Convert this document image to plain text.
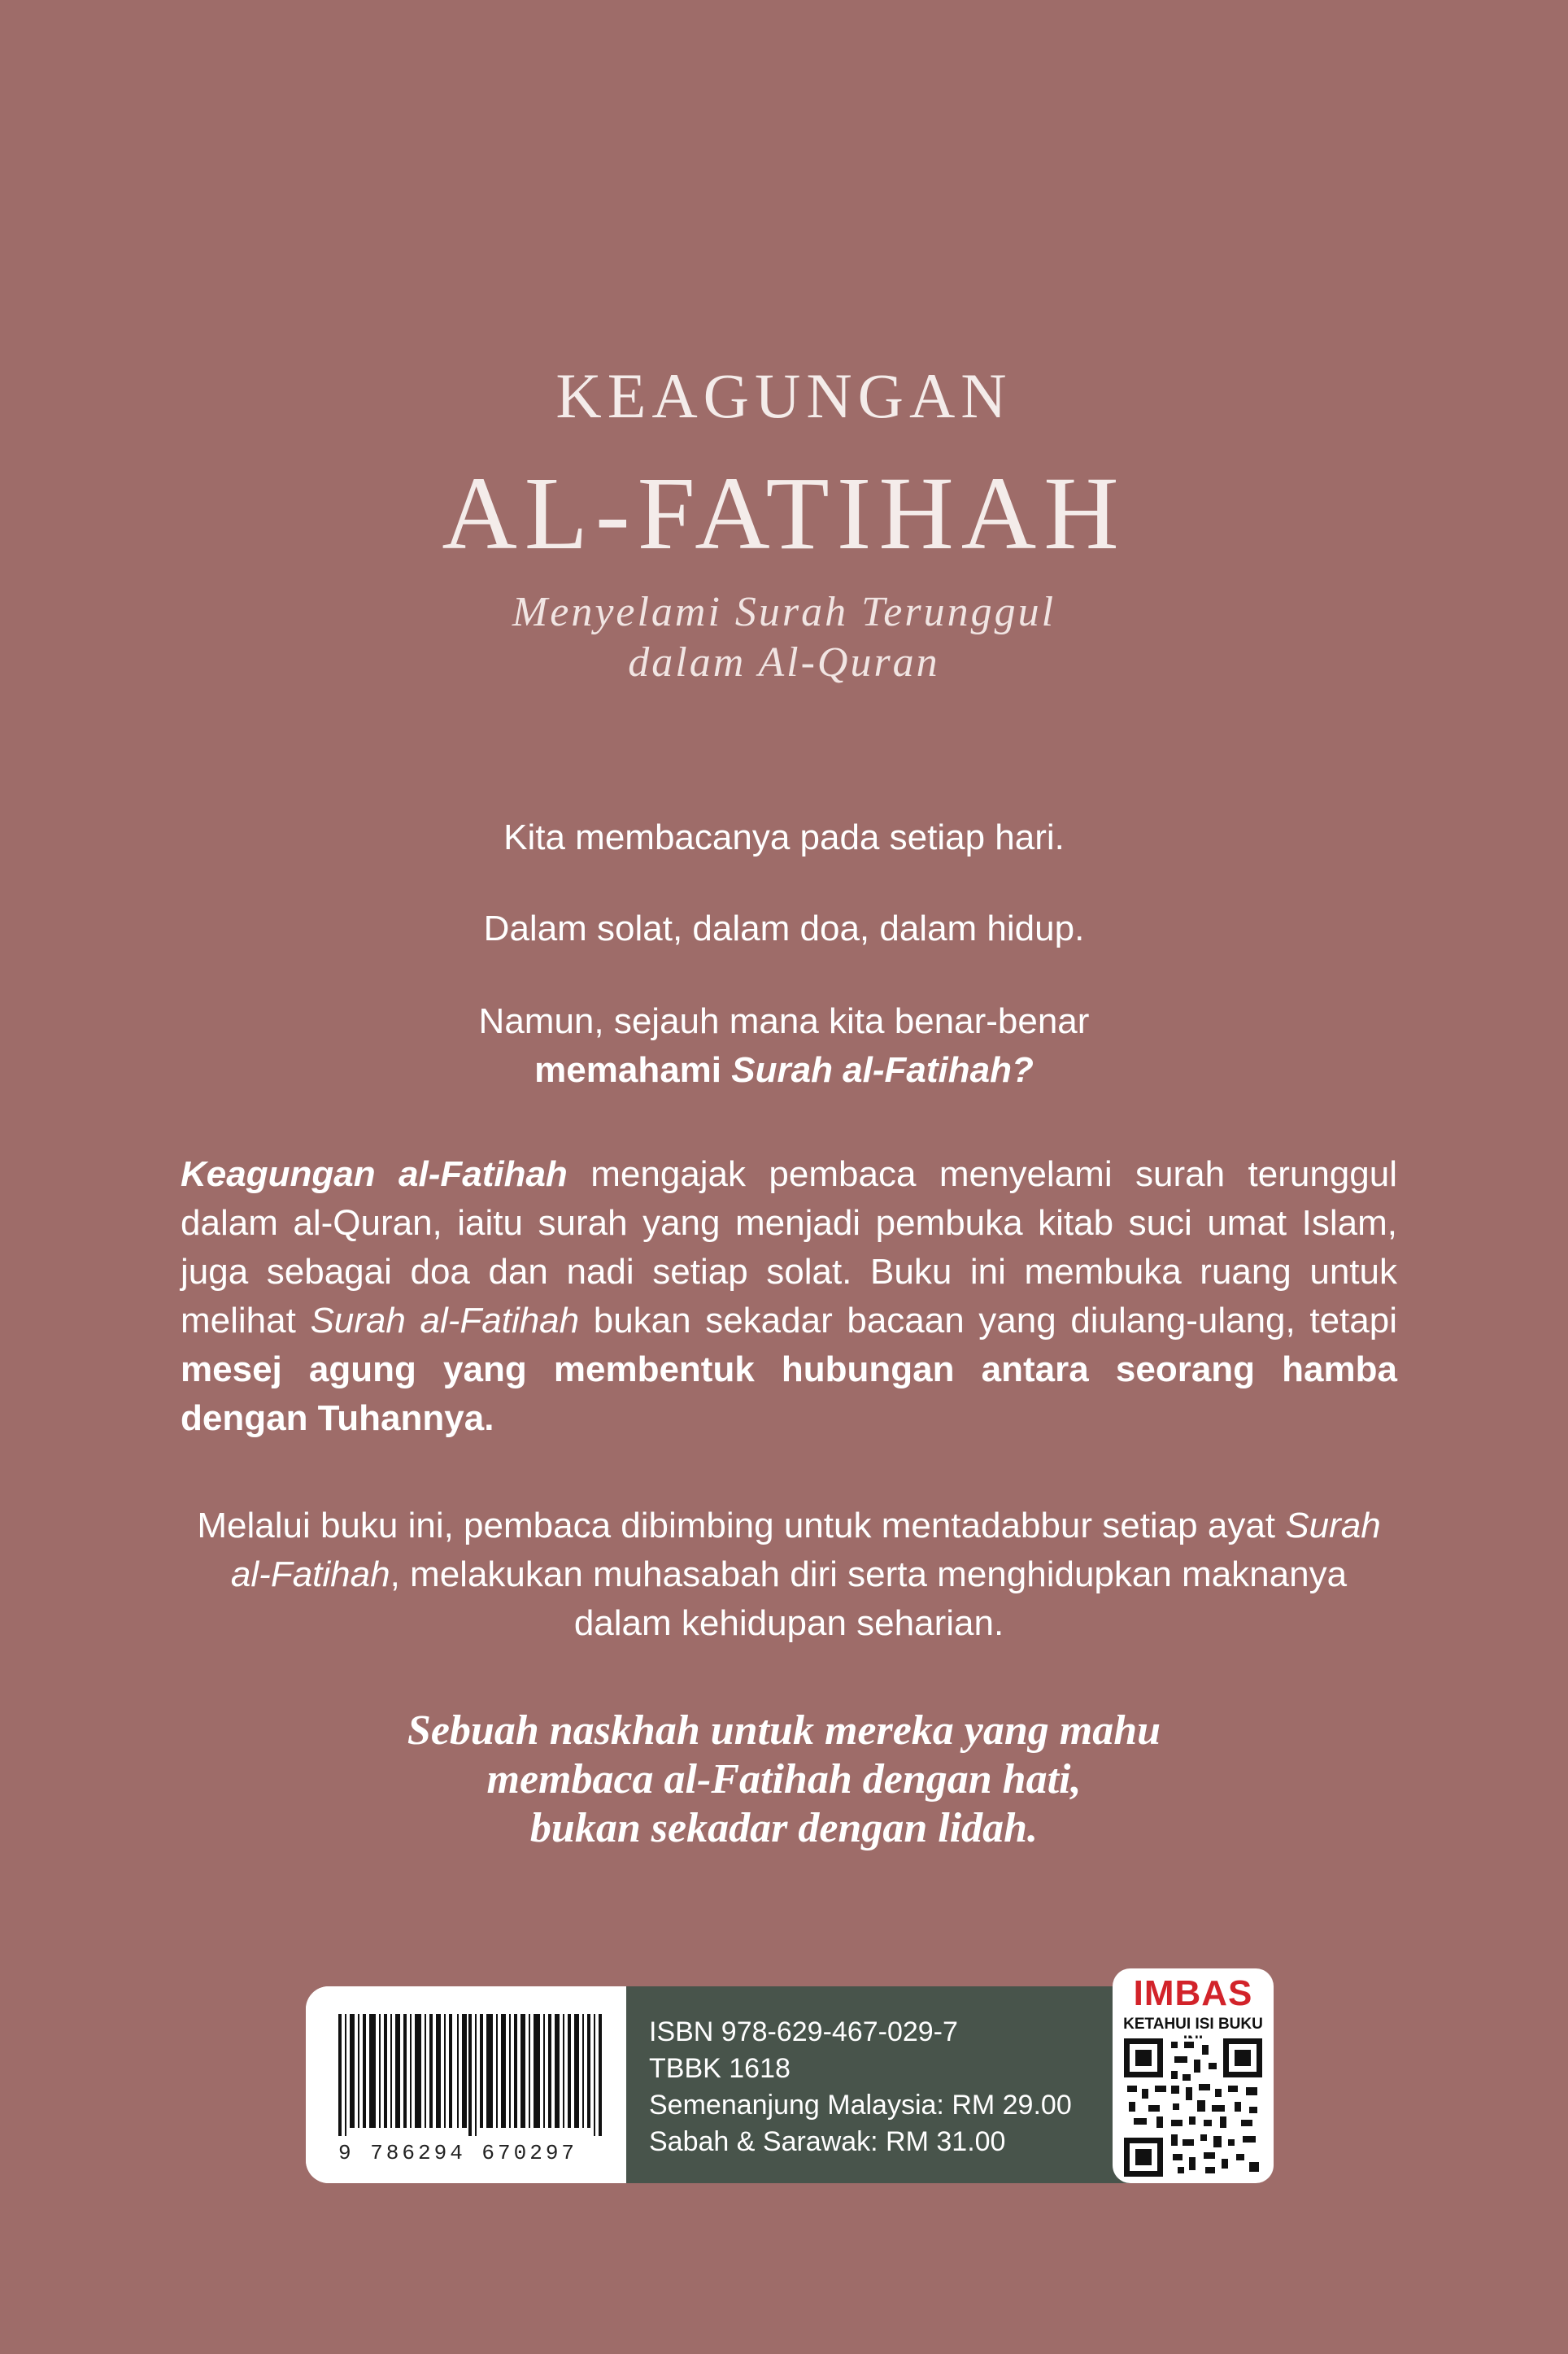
KEAGUNGAN
AL-FATIHAH
Menyelami Surah Terunggul
dalam Al-Quran
Kita membacanya pada setiap hari.
Dalam solat, dalam doa, dalam hidup.
Namun, sejauh mana kita benar-benar
memahami Surah al-Fatihah?
Keagungan al-Fatihah mengajak pembaca menyelami surah terunggul dalam al-Quran, iaitu surah yang menjadi pembuka kitab suci umat Islam, juga sebagai doa dan nadi setiap solat. Buku ini membuka ruang untuk melihat Surah al-Fatihah bukan sekadar bacaan yang diulang-ulang, tetapi mesej agung yang membentuk hubungan antara seorang hamba dengan Tuhannya.
Melalui buku ini, pembaca dibimbing untuk mentadabbur setiap ayat Surah al-Fatihah, melakukan muhasabah diri serta menghidupkan maknanya dalam kehidupan seharian.
Sebuah naskhah untuk mereka yang mahu
membaca al-Fatihah dengan hati,
bukan sekadar dengan lidah.
9 786294 670297
ISBN 978-629-467-029-7
TBBK 1618
Semenanjung Malaysia: RM 29.00
Sabah & Sarawak: RM 31.00
IMBAS
KETAHUI ISI BUKU
